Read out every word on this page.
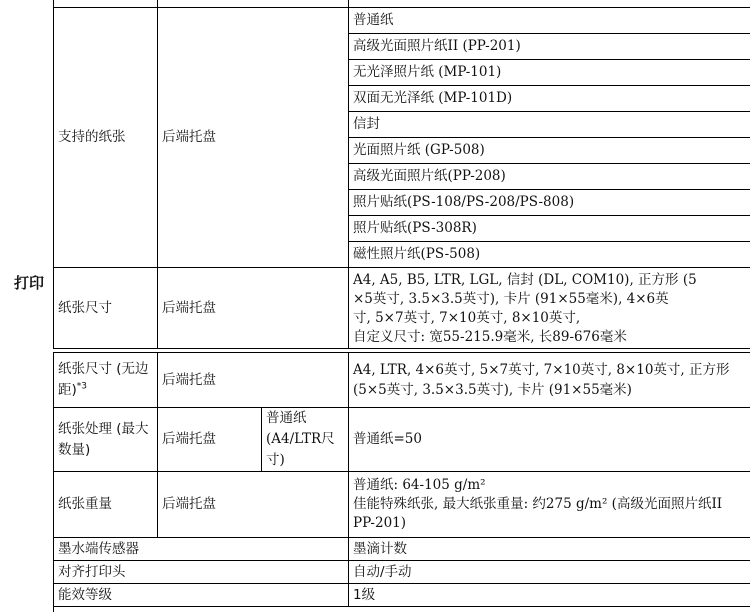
打印

支持的纸张	后端托盘	普通纸
		高级光面照片纸II (PP-201)
		无光泽照片纸 (MP-101)
		双面无光泽纸 (MP-101D)
		信封
		光面照片纸 (GP-508)
		高级光面照片纸(PP-208)
		照片贴纸(PS-108/PS-208/PS-808)
		照片贴纸(PS-308R)
		磁性照片纸(PS-508)
纸张尺寸	后端托盘	A4, A5, B5, LTR, LGL, 信封 (DL, COM10), 正方形 (5
×5英寸, 3.5×3.5英寸), 卡片 (91×55毫米), 4×6英
寸, 5×7英寸, 7×10英寸, 8×10英寸,
自定义尺寸: 宽55-215.9毫米, 长89-676毫米
纸张尺寸 (无边距)$^{*3}$	后端托盘		A4, LTR, 4×6英寸, 5×7英寸, 7×10英寸, 8×10英寸, 正方形 (5×5英寸, 3.5×3.5英寸), 卡片 (91×55毫米)
纸张处理 (最大数量)	后端托盘	普通纸 (A4/LTR尺寸)	普通纸=50
纸张重量	后端托盘		普通纸: 64-105 g/m²
佳能特殊纸张, 最大纸张重量: 约275 g/m² (高级光面照片纸II PP-201)

墨水端传感器			墨滴计数
对齐打印头			自动/手动
能效等级			1级
